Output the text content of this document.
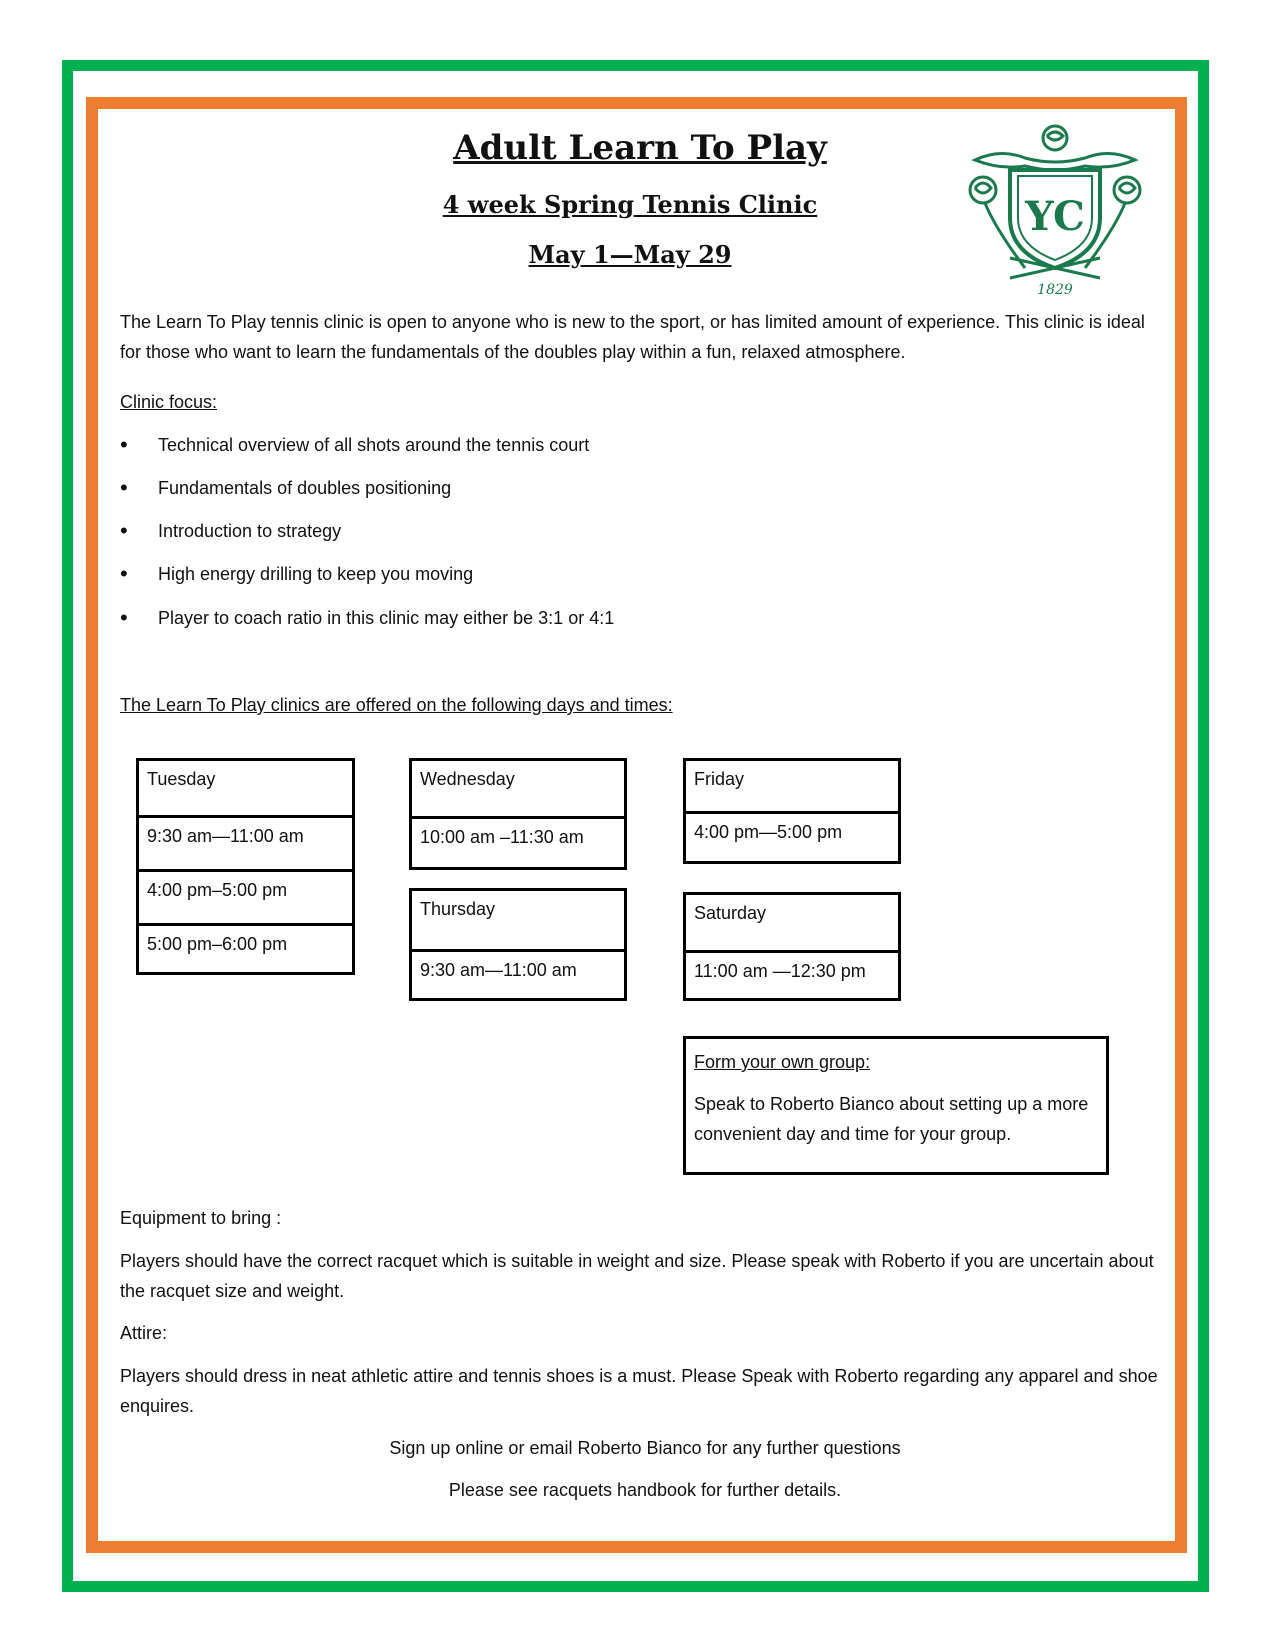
Adult Learn To Play
4 week Spring Tennis Clinic
May 1—May 29
YC
1829
The Learn To Play tennis clinic is open to anyone who is new to the sport, or has limited amount of experience. This clinic is ideal for those who want to learn the fundamentals of the doubles play within a fun, relaxed atmosphere.
Clinic focus:
• Technical overview of all shots around the tennis court
• Fundamentals of doubles positioning
• Introduction to strategy
• High energy drilling to keep you moving
• Player to coach ratio in this clinic may either be 3:1 or 4:1
The Learn To Play clinics are offered on the following days and times:
Tuesday
9:30 am—11:00 am
4:00 pm–5:00 pm
5:00 pm–6:00 pm
Wednesday
10:00 am –11:30 am
Thursday
9:30 am—11:00 am
Friday
4:00 pm—5:00 pm
Saturday
11:00 am —12:30 pm
Form your own group:
Speak to Roberto Bianco about setting up a more convenient day and time for your group.
Equipment to bring :
Players should have the correct racquet which is suitable in weight and size. Please speak with Roberto if you are uncertain about the racquet size and weight.
Attire:
Players should dress in neat athletic attire and tennis shoes is a must. Please Speak with Roberto regarding any apparel and shoe enquires.
Sign up online or email Roberto Bianco for any further questions
Please see racquets handbook for further details.
